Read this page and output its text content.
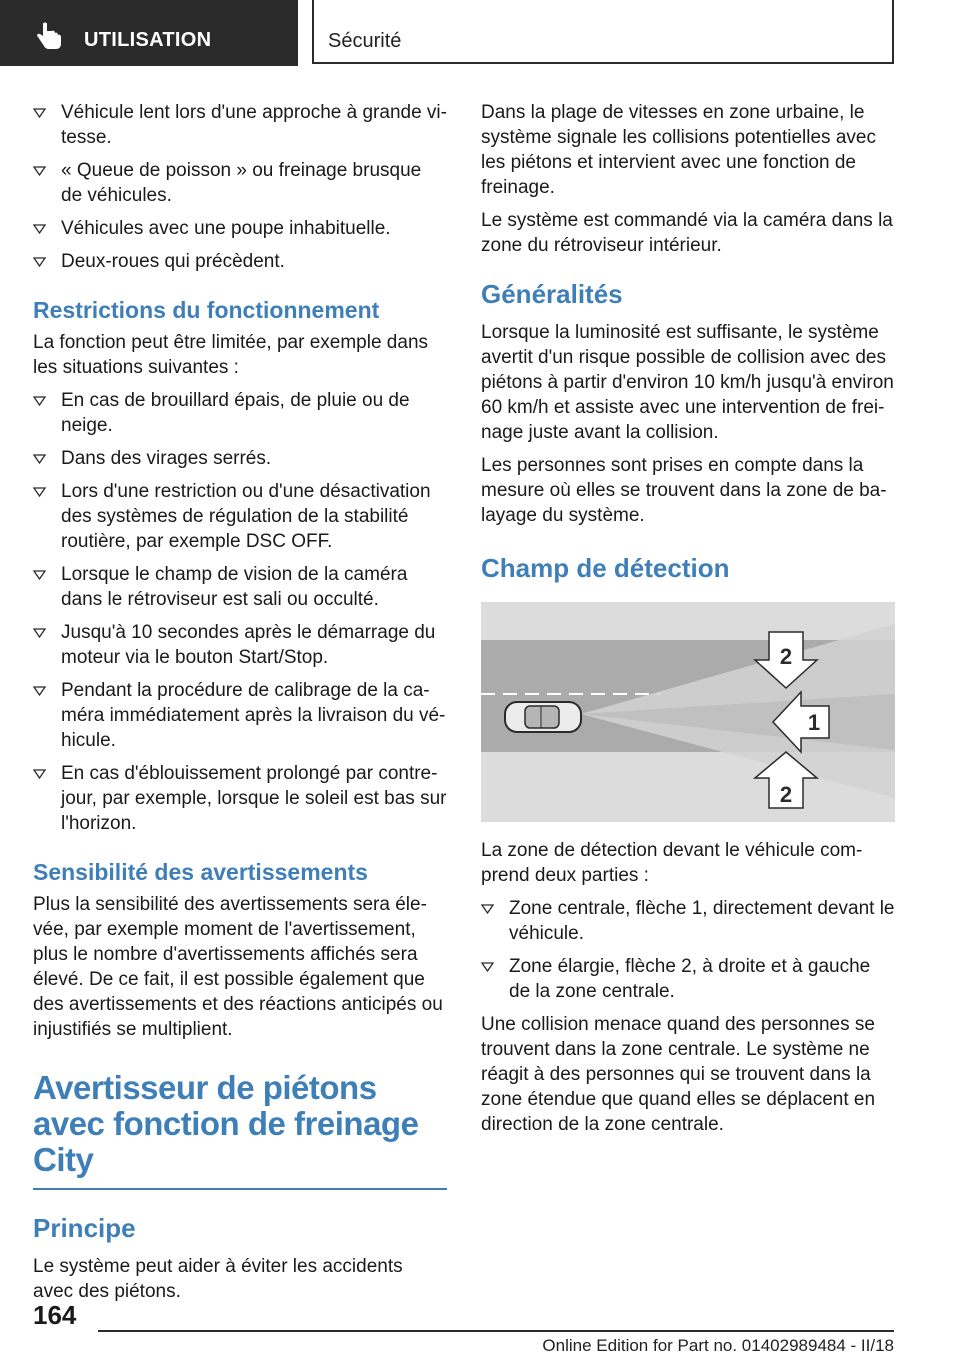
UTILISATION	Sécurité
Véhicule lent lors d'une approche à grande vi-tesse.
« Queue de poisson » ou freinage brusque de véhicules.
Véhicules avec une poupe inhabituelle.
Deux-roues qui précèdent.
Restrictions du fonctionnement

La fonction peut être limitée, par exemple dans les situations suivantes :

En cas de brouillard épais, de pluie ou de neige.
Dans des virages serrés.
Lors d'une restriction ou d'une désactivation des systèmes de régulation de la stabilité routière, par exemple DSC OFF.
Lorsque le champ de vision de la caméra dans le rétroviseur est sali ou occulté.
Jusqu'à 10 secondes après le démarrage du moteur via le bouton Start/Stop.
Pendant la procédure de calibrage de la ca-méra immédiatement après la livraison du vé-hicule.
En cas d'éblouissement prolongé par contre-jour, par exemple, lorsque le soleil est bas sur l'horizon.
Sensibilité des avertissements

Plus la sensibilité des avertissements sera éle-vée, par exemple moment de l'avertissement, plus le nombre d'avertissements affichés sera élevé. De ce fait, il est possible également que des avertissements et des réactions anticipés ou injustifiés se multiplient.

Avertisseur de piétons avec fonction de freinage City
Principe

Le système peut aider à éviter les accidents avec des piétons.

Dans la plage de vitesses en zone urbaine, le système signale les collisions potentielles avec les piétons et intervient avec une fonction de freinage.

Le système est commandé via la caméra dans la zone du rétroviseur intérieur.

Généralités

Lorsque la luminosité est suffisante, le système avertit d'un risque possible de collision avec des piétons à partir d'environ 10 km/h jusqu'à environ 60 km/h et assiste avec une intervention de frei-nage juste avant la collision.

Les personnes sont prises en compte dans la mesure où elles se trouvent dans la zone de ba-layage du système.

Champ de détection
2
1
2

La zone de détection devant le véhicule com-prend deux parties :

Zone centrale, flèche 1, directement devant le véhicule.
Zone élargie, flèche 2, à droite et à gauche de la zone centrale.

Une collision menace quand des personnes se trouvent dans la zone centrale. Le système ne réagit à des personnes qui se trouvent dans la zone étendue que quand elles se déplacent en direction de la zone centrale.

164
Online Edition for Part no. 01402989484 - II/18
